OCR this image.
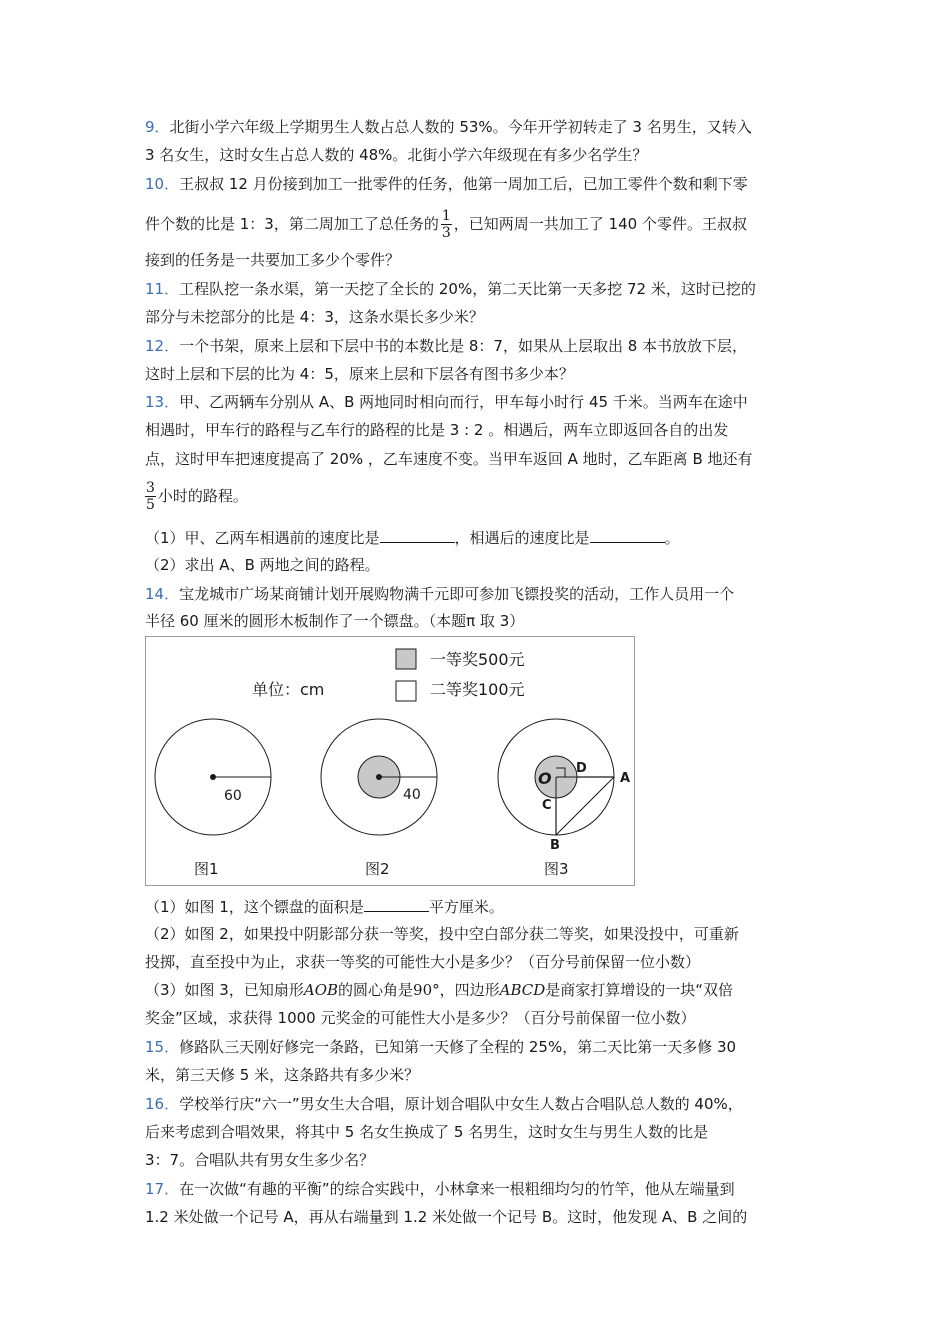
9．北街小学六年级上学期男生人数占总人数的 53%。今年开学初转走了 3 名男生，又转入
3 名女生，这时女生占总人数的 48%。北街小学六年级现在有多少名学生？
10．王叔叔 12 月份接到加工一批零件的任务，他第一周加工后，已加工零件个数和剩下零
件个数的比是 1：3，第二周加工了总任务的 $\frac{1}{3}$ ，已知两周一共加工了 140 个零件。王叔叔
接到的任务是一共要加工多少个零件？
11．工程队挖一条水渠，第一天挖了全长的 20%，第二天比第一天多挖 72 米，这时已挖的
部分与未挖部分的比是 4：3，这条水渠长多少米？
12．一个书架，原来上层和下层中书的本数比是 8：7，如果从上层取出 8 本书放放下层，
这时上层和下层的比为 4：5，原来上层和下层各有图书多少本？
13．甲、乙两辆车分别从 A、B 两地同时相向而行，甲车每小时行 45 千米。当两车在途中
相遇时，甲车行的路程与乙车行的路程的比是 3 : 2 。相遇后，两车立即返回各自的出发
点，这时甲车把速度提高了 20% ，乙车速度不变。当甲车返回 A 地时，乙车距离 B 地还有
$\frac{3}{5}$ 小时的路程。
（1）甲、乙两车相遇前的速度比是	，相遇后的速度比是	。
（2）求出 A、B 两地之间的路程。
14．宝龙城市广场某商铺计划开展购物满千元即可参加飞镖投奖的活动，工作人员用一个
半径 60 厘米的圆形木板制作了一个镖盘。（本题π 取 3）
单位：cm
一等奖500元
二等奖100元
60
图1
40
图2
O
D
A
C
B
图3
（1）如图 1，这个镖盘的面积是	平方厘米。
（2）如图 2，如果投中阴影部分获一等奖，投中空白部分获二等奖，如果没投中，可重新
投掷，直至投中为止，求获一等奖的可能性大小是多少？（百分号前保留一位小数）
（3）如图 3，已知扇形AOB的圆心角是90°，四边形ABCD是商家打算增设的一块“双倍
奖金”区域，求获得 1000 元奖金的可能性大小是多少？（百分号前保留一位小数）
15．修路队三天刚好修完一条路，已知第一天修了全程的 25%，第二天比第一天多修 30
米，第三天修 5 米，这条路共有多少米？
16．学校举行庆“六一”男女生大合唱，原计划合唱队中女生人数占合唱队总人数的 40%，
后来考虑到合唱效果，将其中 5 名女生换成了 5 名男生，这时女生与男生人数的比是
3：7。合唱队共有男女生多少名？
17．在一次做“有趣的平衡”的综合实践中，小林拿来一根粗细均匀的竹竿，他从左端量到
1.2 米处做一个记号 A，再从右端量到 1.2 米处做一个记号 B。这时，他发现 A、B 之间的
